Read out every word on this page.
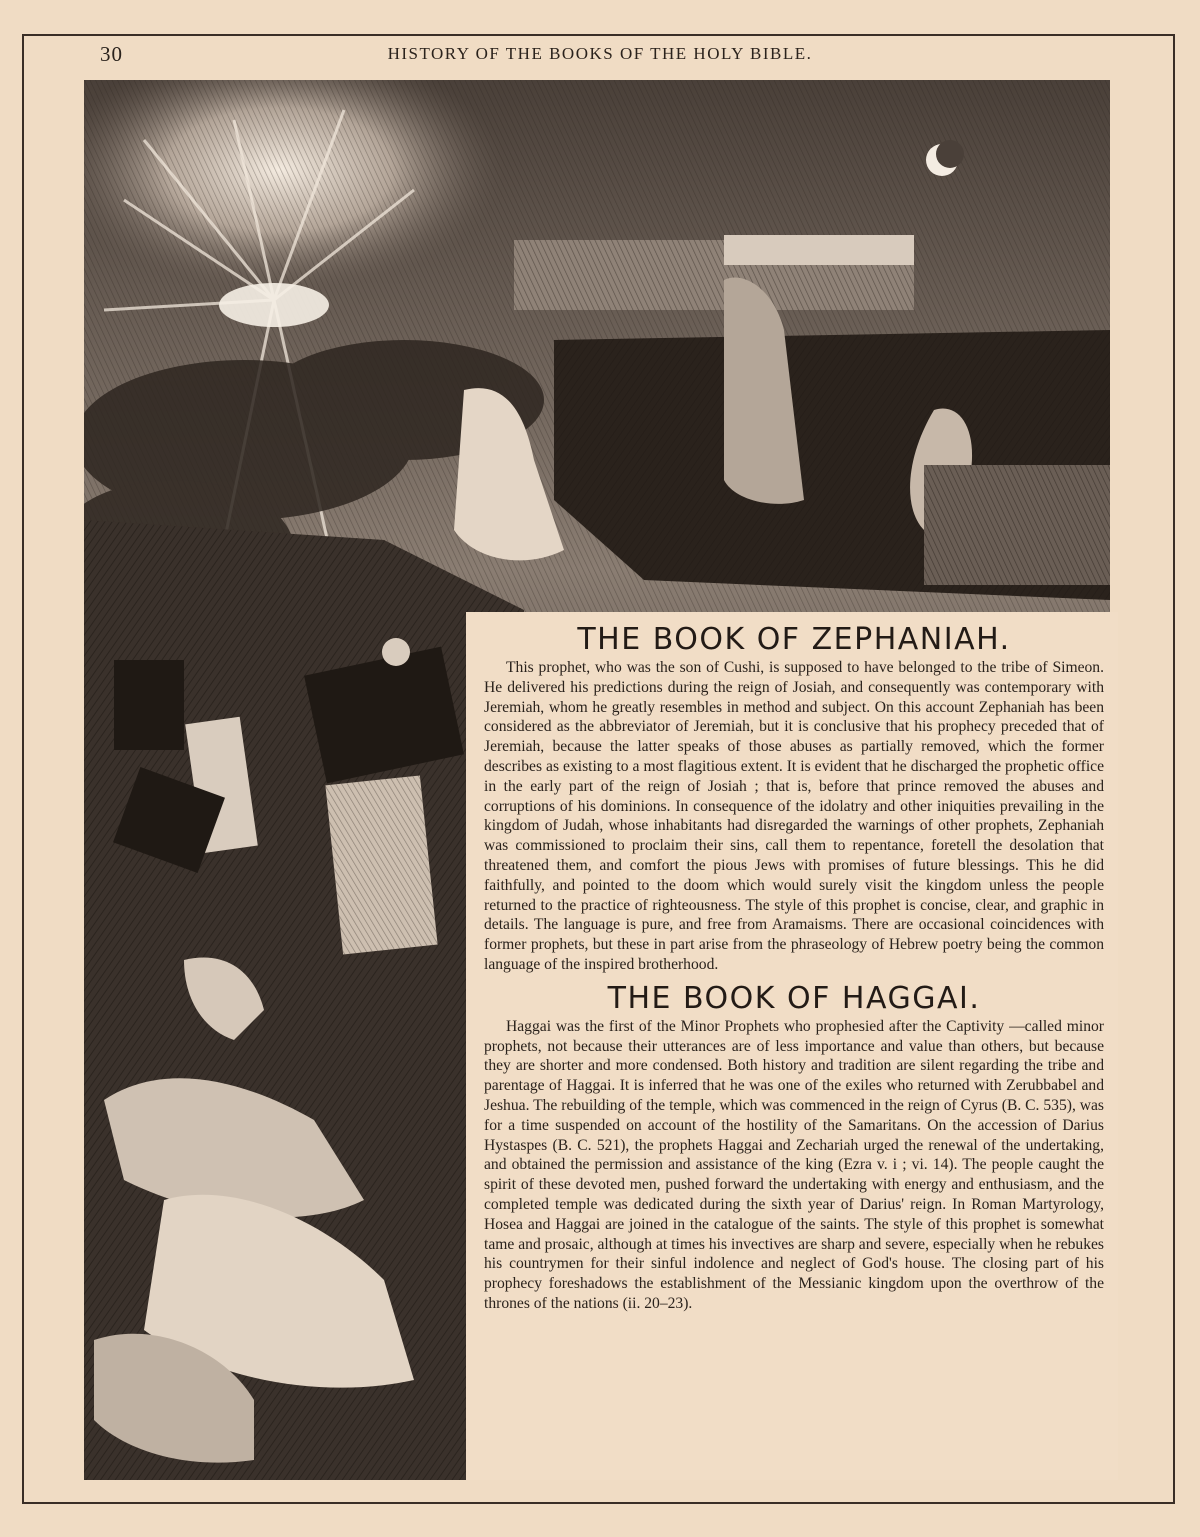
30	HISTORY OF THE BOOKS OF THE HOLY BIBLE.
THE BOOK OF ZEPHANIAH.

This prophet, who was the son of Cushi, is supposed to have belonged to the tribe of Simeon. He delivered his predictions during the reign of Josiah, and consequently was contemporary with Jeremiah, whom he greatly resembles in method and subject. On this account Zephaniah has been considered as the abbreviator of Jeremiah, but it is conclusive that his prophecy preceded that of Jeremiah, because the latter speaks of those abuses as partially removed, which the former describes as existing to a most flagitious extent. It is evident that he discharged the prophetic office in the early part of the reign of Josiah ; that is, before that prince removed the abuses and corruptions of his dominions. In consequence of the idolatry and other iniquities prevailing in the kingdom of Judah, whose inhabitants had disregarded the warnings of other prophets, Zephaniah was commissioned to proclaim their sins, call them to repentance, foretell the desolation that threatened them, and comfort the pious Jews with promises of future blessings. This he did faithfully, and pointed to the doom which would surely visit the kingdom unless the people returned to the practice of righteousness. The style of this prophet is concise, clear, and graphic in details. The language is pure, and free from Aramaisms. There are occasional coincidences with former prophets, but these in part arise from the phraseology of Hebrew poetry being the common language of the inspired brotherhood.

THE BOOK OF HAGGAI.

Haggai was the first of the Minor Prophets who prophesied after the Captivity —called minor prophets, not because their utterances are of less importance and value than others, but because they are shorter and more condensed. Both history and tradition are silent regarding the tribe and parentage of Haggai. It is inferred that he was one of the exiles who returned with Zerubbabel and Jeshua. The rebuilding of the temple, which was commenced in the reign of Cyrus (B. C. 535), was for a time suspended on account of the hostility of the Samaritans. On the accession of Darius Hystaspes (B. C. 521), the prophets Haggai and Zechariah urged the renewal of the undertaking, and obtained the permission and assistance of the king (Ezra v. i ; vi. 14). The people caught the spirit of these devoted men, pushed forward the undertaking with energy and enthusiasm, and the completed temple was dedicated during the sixth year of Darius' reign. In Roman Martyrology, Hosea and Haggai are joined in the catalogue of the saints. The style of this prophet is somewhat tame and prosaic, although at times his invectives are sharp and severe, especially when he rebukes his countrymen for their sinful indolence and neglect of God's house. The closing part of his prophecy foreshadows the establishment of the Messianic kingdom upon the overthrow of the thrones of the nations (ii. 20–23).
